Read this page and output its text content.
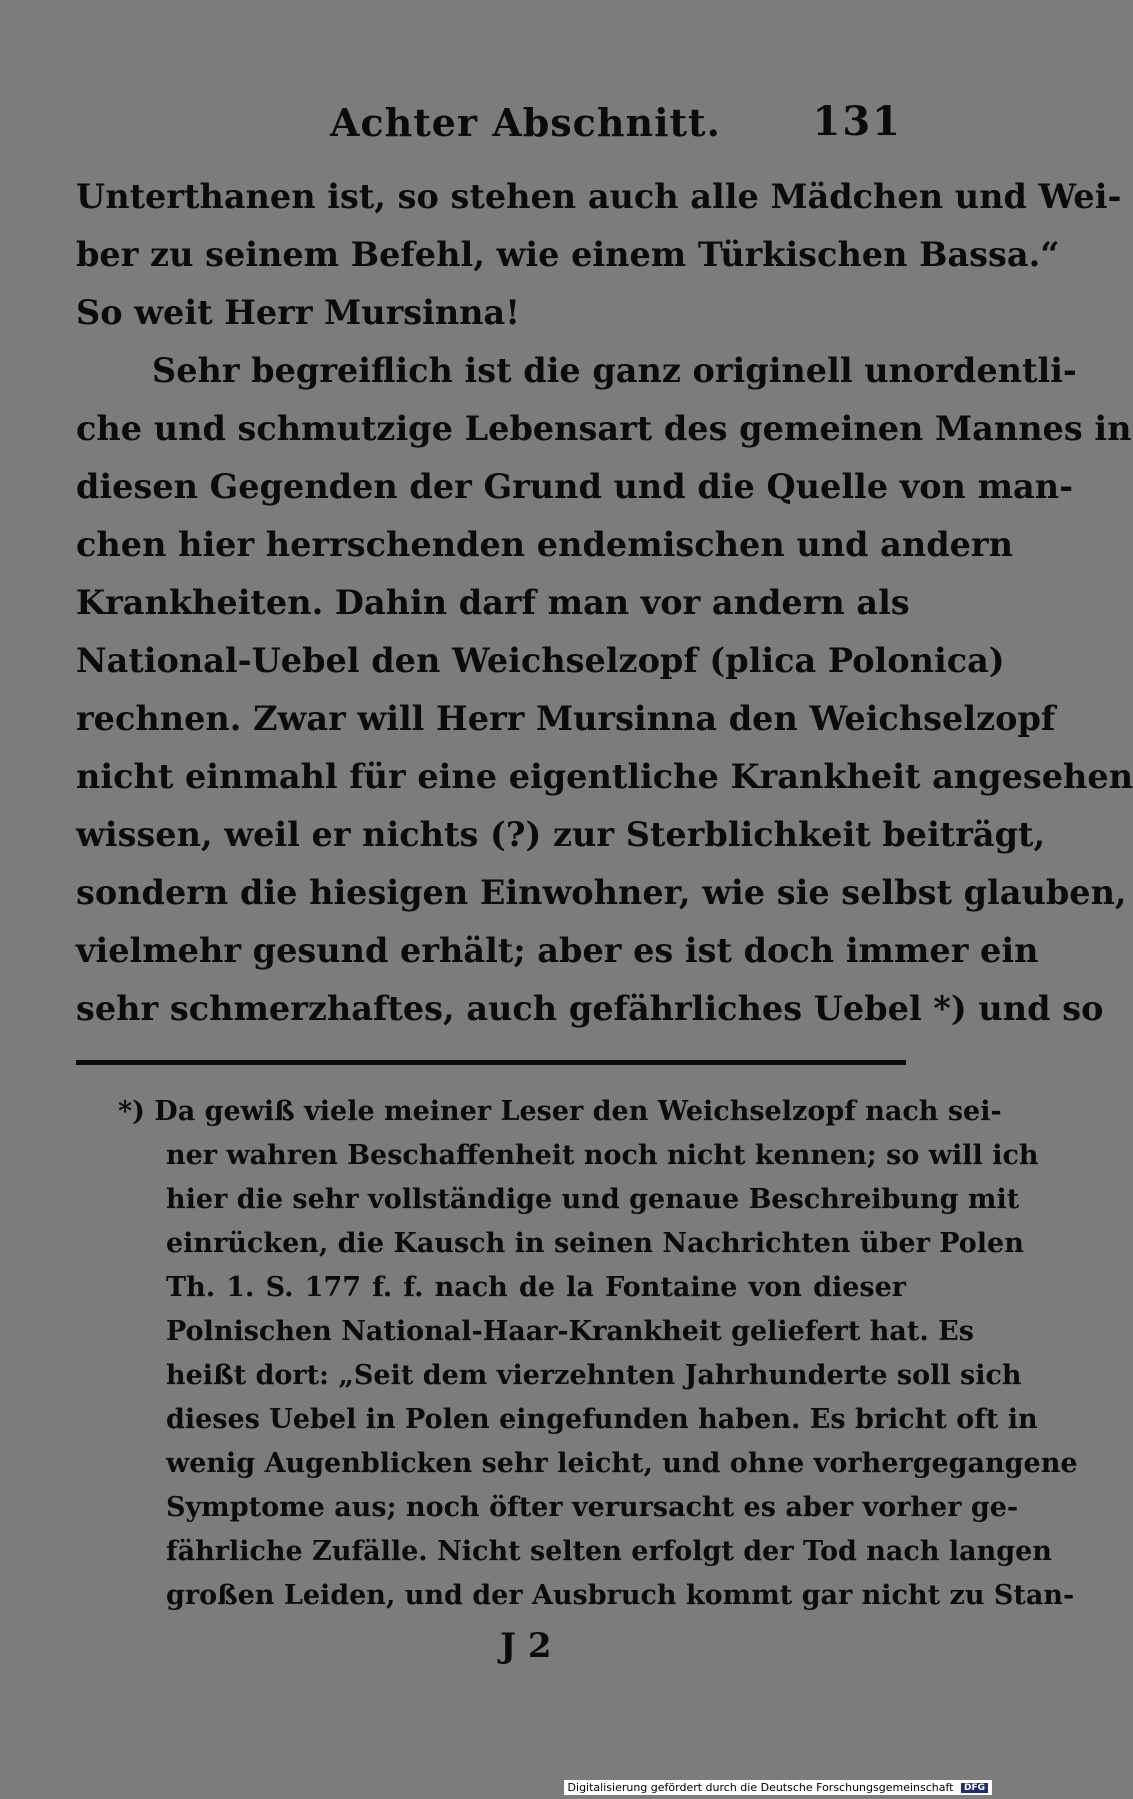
Achter Abschnitt. 131
Unterthanen ist, so stehen auch alle Mädchen und Wei-
ber zu seinem Befehl, wie einem Türkischen Bassa.“
So weit Herr Mursinna!
Sehr begreiflich ist die ganz originell unordentli-
che und schmutzige Lebensart des gemeinen Mannes in
diesen Gegenden der Grund und die Quelle von man-
chen hier herrschenden endemischen und andern
Krankheiten. Dahin darf man vor andern als
National-Uebel den Weichselzopf (plica Polonica)
rechnen. Zwar will Herr Mursinna den Weichselzopf
nicht einmahl für eine eigentliche Krankheit angesehen
wissen, weil er nichts (?) zur Sterblichkeit beiträgt,
sondern die hiesigen Einwohner, wie sie selbst glauben,
vielmehr gesund erhält; aber es ist doch immer ein
sehr schmerzhaftes, auch gefährliches Uebel *) und so
*) Da gewiß viele meiner Leser den Weichselzopf nach sei-
ner wahren Beschaffenheit noch nicht kennen; so will ich
hier die sehr vollständige und genaue Beschreibung mit
einrücken, die Kausch in seinen Nachrichten über Polen
Th. 1. S. 177 f. f. nach de la Fontaine von dieser
Polnischen National-Haar-Krankheit geliefert hat. Es
heißt dort: „Seit dem vierzehnten Jahrhunderte soll sich
dieses Uebel in Polen eingefunden haben. Es bricht oft in
wenig Augenblicken sehr leicht, und ohne vorhergegangene
Symptome aus; noch öfter verursacht es aber vorher ge-
fährliche Zufälle. Nicht selten erfolgt der Tod nach langen
großen Leiden, und der Ausbruch kommt gar nicht zu Stan-
J 2
Digitalisierung gefördert durch die Deutsche Forschungsgemeinschaft DFG
